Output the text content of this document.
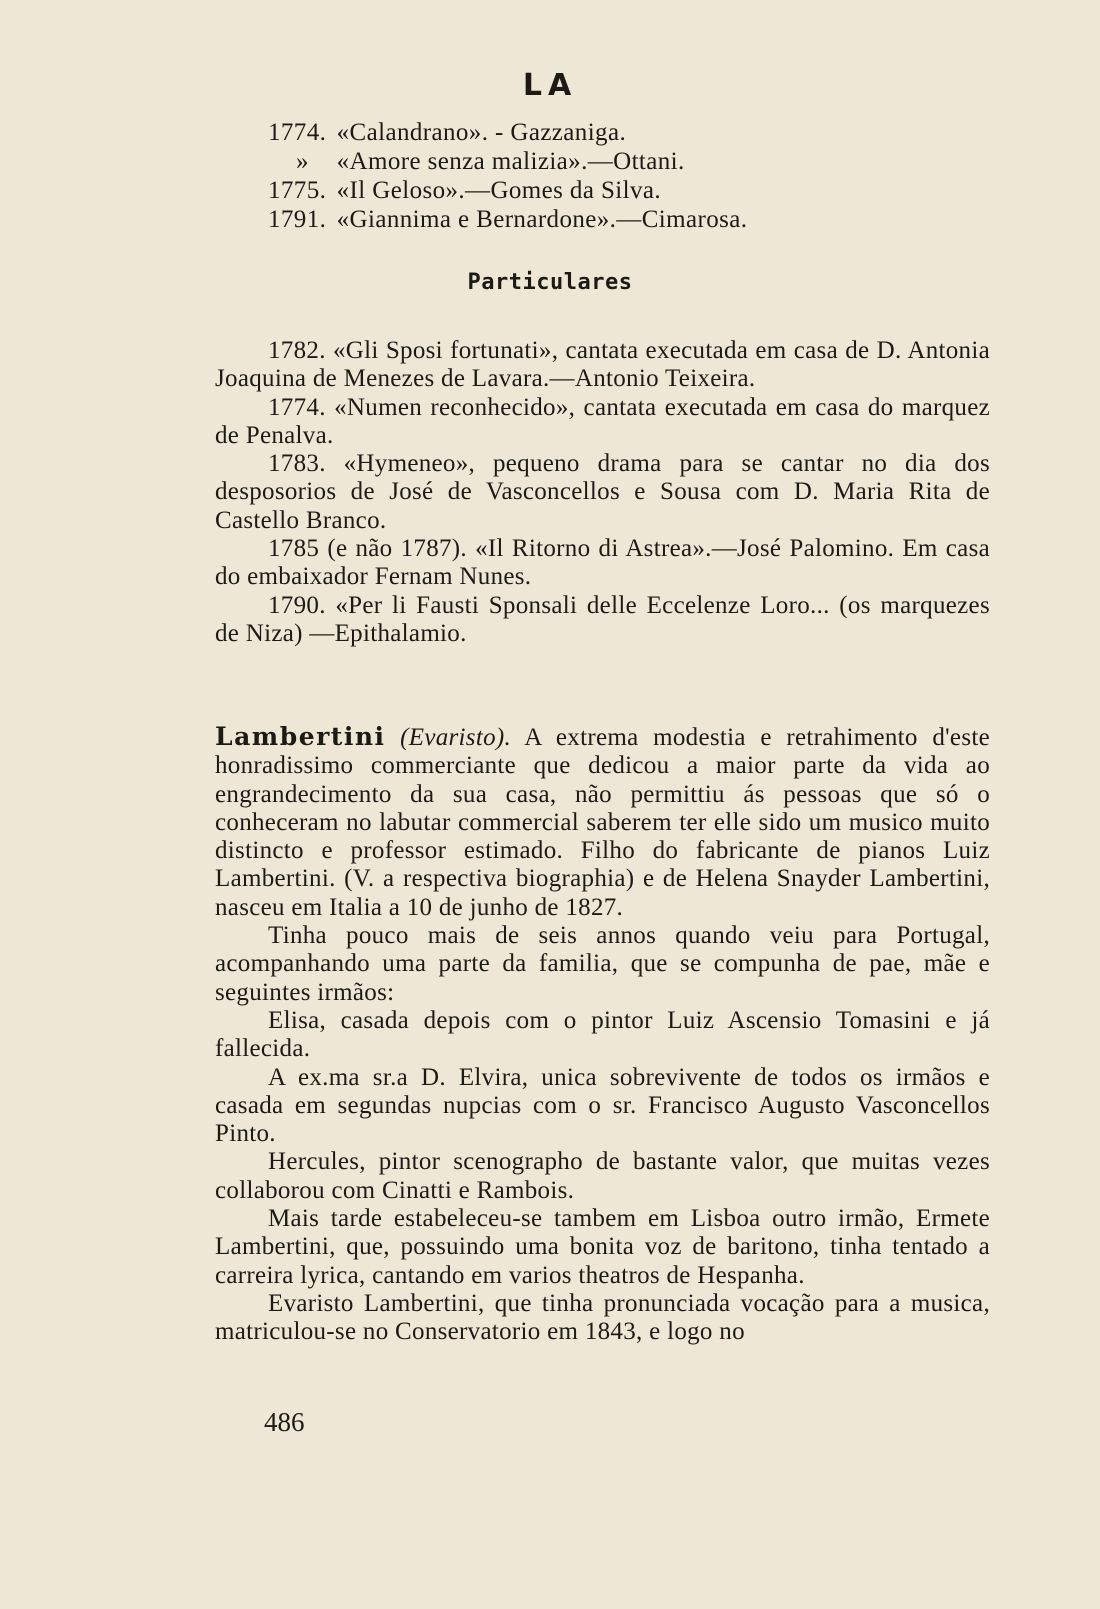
LA
1774. «Calandrano». - Gazzaniga.
» «Amore senza malizia».—Ottani.
1775. «Il Geloso».—Gomes da Silva.
1791. «Giannima e Bernardone».—Cimarosa.
Particulares

1782. «Gli Sposi fortunati», cantata executada em casa de D. Antonia Joaquina de Menezes de Lavara.—Antonio Teixeira.

1774. «Numen reconhecido», cantata executada em casa do marquez de Penalva.

1783. «Hymeneo», pequeno drama para se cantar no dia dos desposorios de José de Vasconcellos e Sousa com D. Maria Rita de Castello Branco.

1785 (e não 1787). «Il Ritorno di Astrea».—José Palomino. Em casa do embaixador Fernam Nunes.

1790. «Per li Fausti Sponsali delle Eccelenze Loro... (os marquezes de Niza) —Epithalamio.

Lambertini (Evaristo). A extrema modestia e retrahimento d'este honradissimo commerciante que dedicou a maior parte da vida ao engrandecimento da sua casa, não permittiu ás pessoas que só o conheceram no labutar commercial saberem ter elle sido um musico muito distincto e professor estimado. Filho do fabricante de pianos Luiz Lambertini. (V. a respectiva biographia) e de Helena Snayder Lambertini, nasceu em Italia a 10 de junho de 1827.

Tinha pouco mais de seis annos quando veiu para Portugal, acompanhando uma parte da familia, que se compunha de pae, mãe e seguintes irmãos:

Elisa, casada depois com o pintor Luiz Ascensio Tomasini e já fallecida.

A ex.ma sr.a D. Elvira, unica sobrevivente de todos os irmãos e casada em segundas nupcias com o sr. Francisco Augusto Vasconcellos Pinto.

Hercules, pintor scenographo de bastante valor, que muitas vezes collaborou com Cinatti e Rambois.

Mais tarde estabeleceu-se tambem em Lisboa outro irmão, Ermete Lambertini, que, possuindo uma bonita voz de baritono, tinha tentado a carreira lyrica, cantando em varios theatros de Hespanha.

Evaristo Lambertini, que tinha pronunciada vocação para a musica, matriculou-se no Conservatorio em 1843, e logo no

486
